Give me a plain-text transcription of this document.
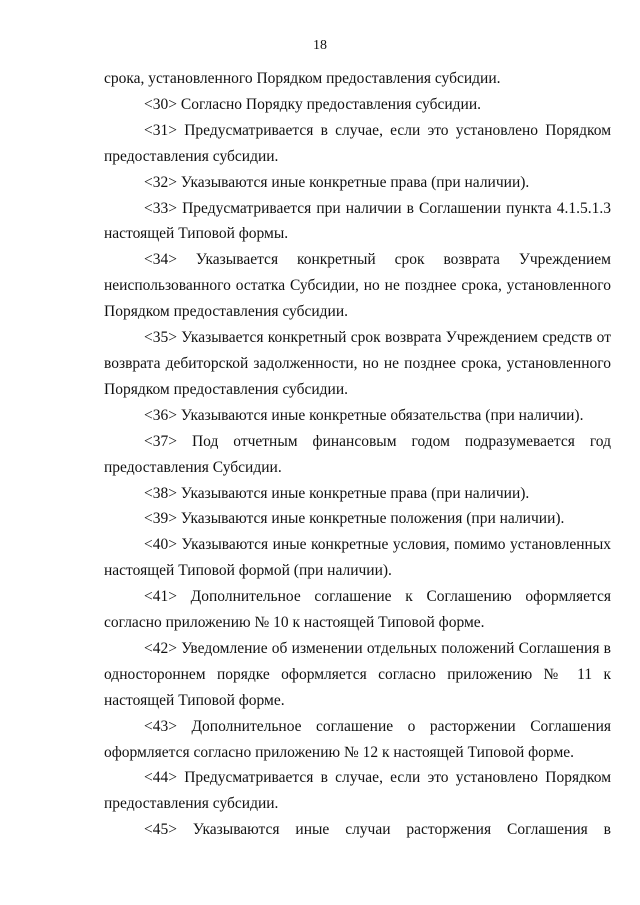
18

срока, установленного Порядком предоставления субсидии.

<30> Согласно Порядку предоставления субсидии.

<31> Предусматривается в случае, если это установлено Порядком предоставления субсидии.

<32> Указываются иные конкретные права (при наличии).

<33> Предусматривается при наличии в Соглашении пункта 4.1.5.1.3 настоящей Типовой формы.

<34> Указывается конкретный срок возврата Учреждением неиспользованного остатка Субсидии, но не позднее срока, установленного Порядком предоставления субсидии.

<35> Указывается конкретный срок возврата Учреждением средств от возврата дебиторской задолженности, но не позднее срока, установленного Порядком предоставления субсидии.

<36> Указываются иные конкретные обязательства (при наличии).

<37> Под отчетным финансовым годом подразумевается год предоставления Субсидии.

<38> Указываются иные конкретные права (при наличии).

<39> Указываются иные конкретные положения (при наличии).

<40> Указываются иные конкретные условия, помимо установленных настоящей Типовой формой (при наличии).

<41> Дополнительное соглашение к Соглашению оформляется согласно приложению № 10 к настоящей Типовой форме.

<42> Уведомление об изменении отдельных положений Соглашения в одностороннем порядке оформляется согласно приложению № 11 к настоящей Типовой форме.

<43> Дополнительное соглашение о расторжении Соглашения оформляется согласно приложению № 12 к настоящей Типовой форме.

<44> Предусматривается в случае, если это установлено Порядком предоставления субсидии.

<45> Указываются иные случаи расторжения Соглашения в
